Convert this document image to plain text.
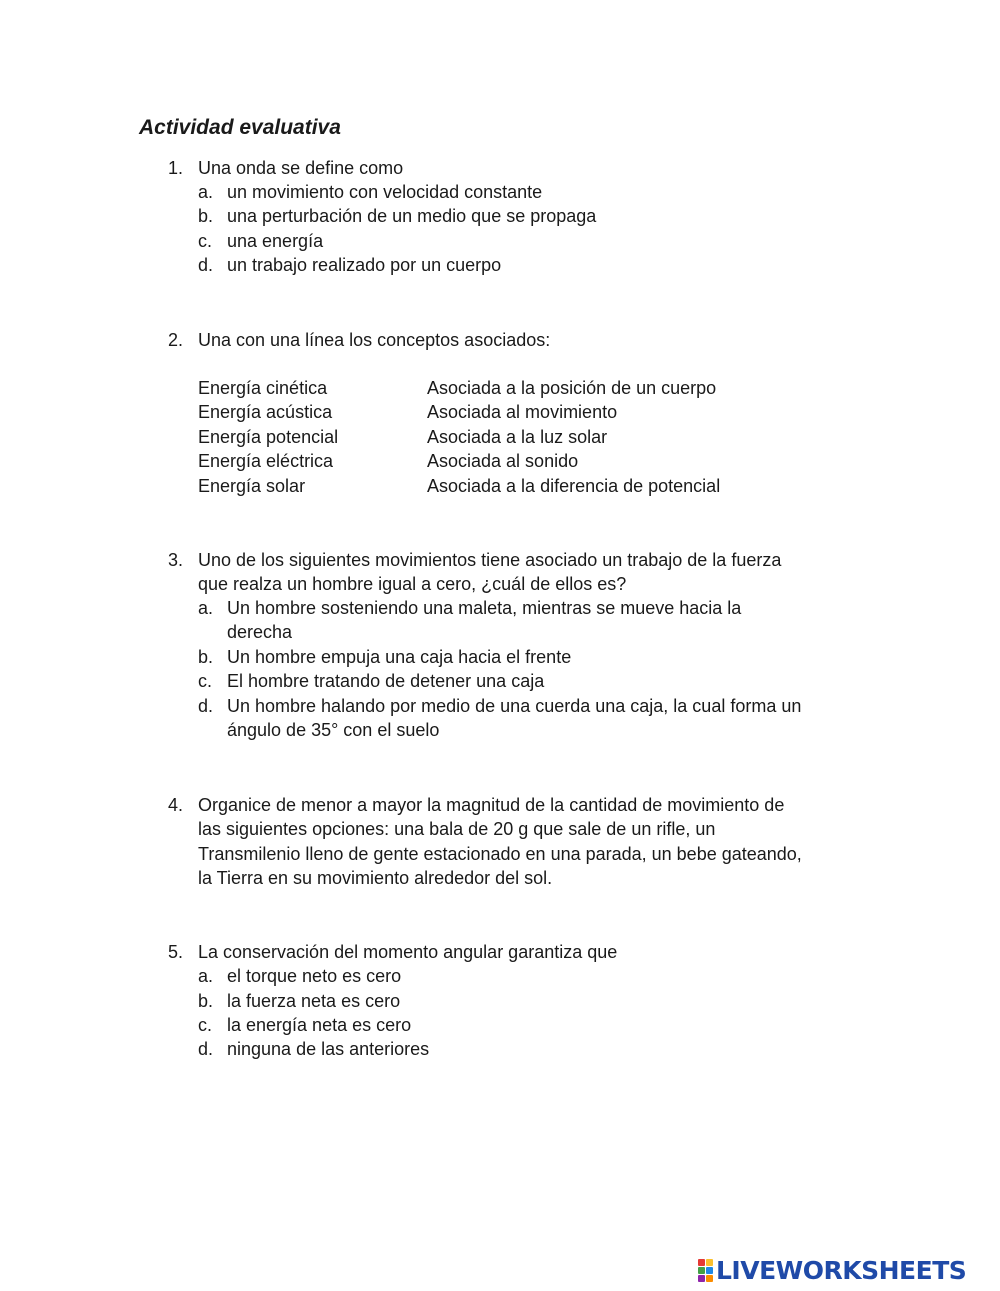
Actividad evaluativa
1. Una onda se define como
a. un movimiento con velocidad constante
b. una perturbación de un medio que se propaga
c. una energía
d. un trabajo realizado por un cuerpo
2. Una con una línea los conceptos asociados:
Energía cinética	Asociada a la posición de un cuerpo
Energía acústica	Asociada al movimiento
Energía potencial	Asociada a la luz solar
Energía eléctrica	Asociada al sonido
Energía solar	Asociada a la diferencia de potencial
3. Uno de los siguientes movimientos tiene asociado un trabajo de la fuerza
que realza un hombre igual a cero, ¿cuál de ellos es?
a. Un hombre sosteniendo una maleta, mientras se mueve hacia la
derecha
b. Un hombre empuja una caja hacia el frente
c. El hombre tratando de detener una caja
d. Un hombre halando por medio de una cuerda una caja, la cual forma un
ángulo de 35° con el suelo
4. Organice de menor a mayor la magnitud de la cantidad de movimiento de
las siguientes opciones: una bala de 20 g que sale de un rifle, un
Transmilenio lleno de gente estacionado en una parada, un bebe gateando,
la Tierra en su movimiento alrededor del sol.
5. La conservación del momento angular garantiza que
a. el torque neto es cero
b. la fuerza neta es cero
c. la energía neta es cero
d. ninguna de las anteriores
LIVEWORKSHEETS
